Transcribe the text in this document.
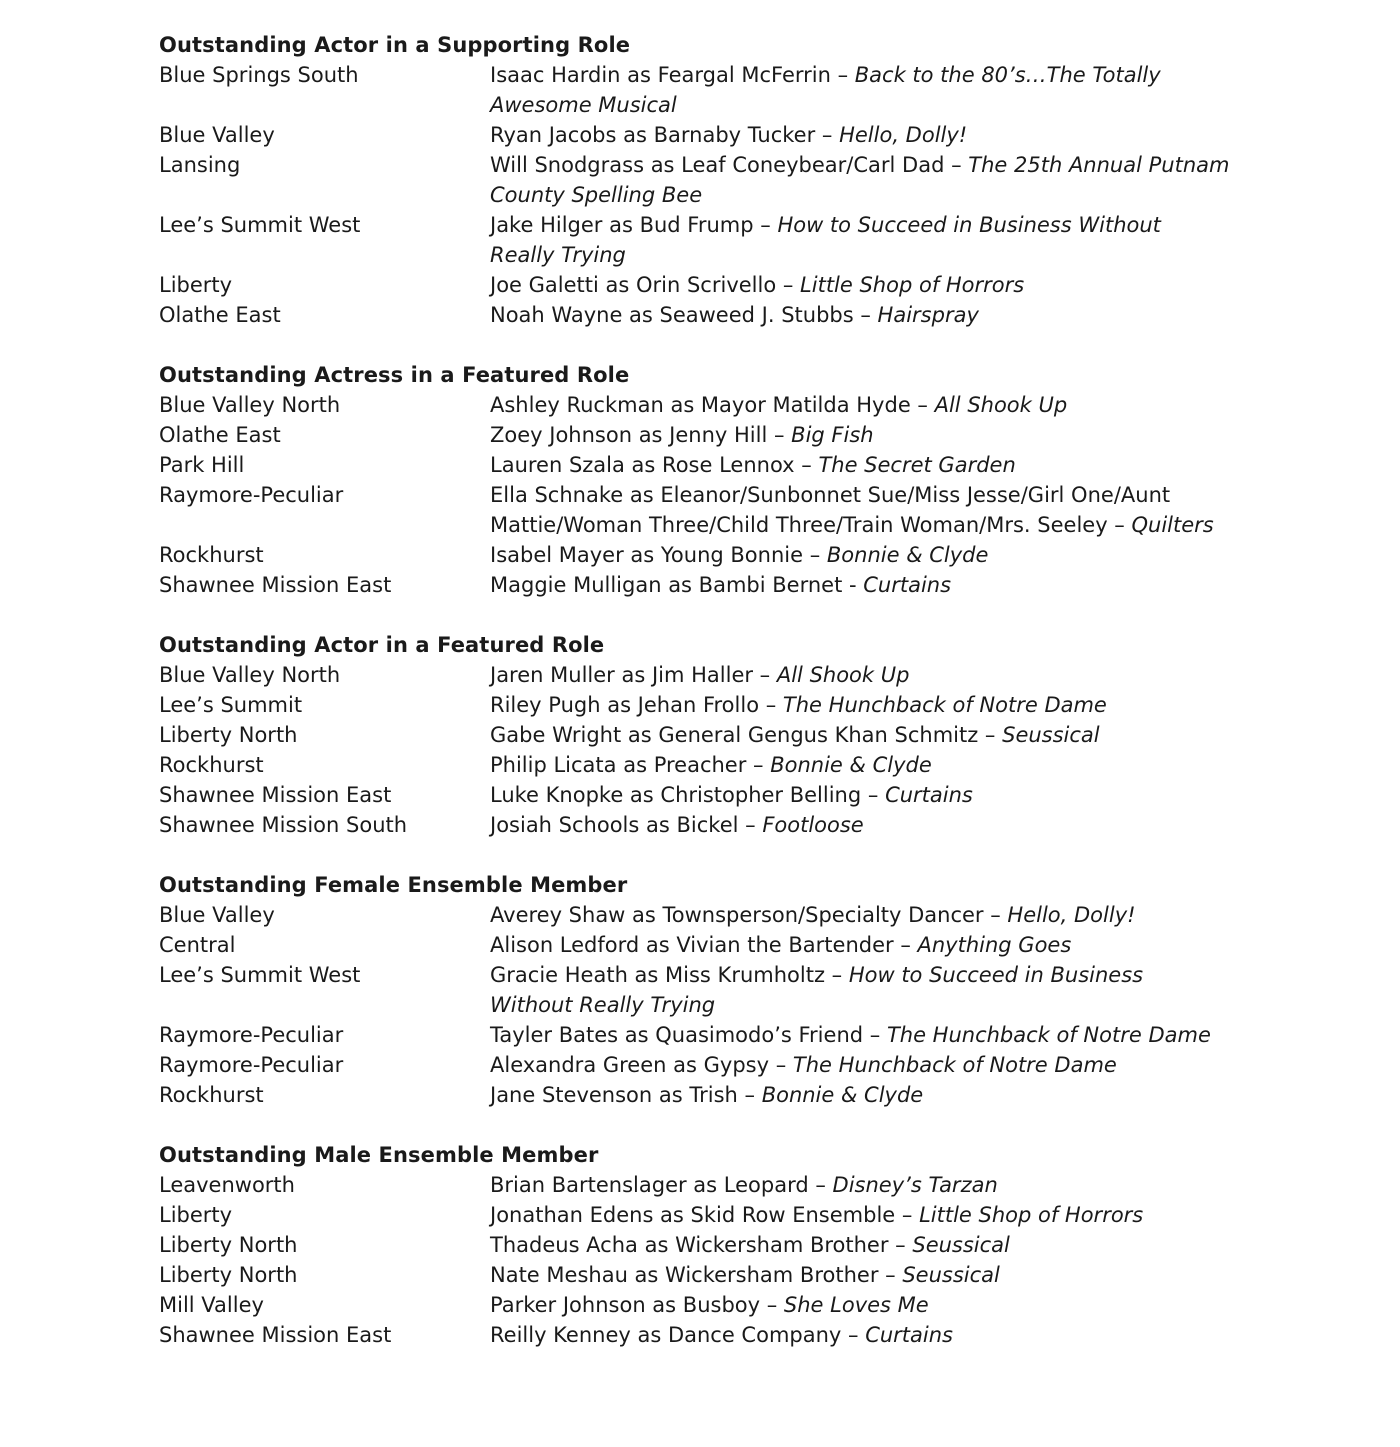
Outstanding Actor in a Supporting Role
Blue Springs South	Isaac Hardin as Feargal McFerrin – Back to the 80’s…The Totally Awesome Musical
Blue Valley	Ryan Jacobs as Barnaby Tucker – Hello, Dolly!
Lansing	Will Snodgrass as Leaf Coneybear/Carl Dad – The 25th Annual Putnam County Spelling Bee
Lee’s Summit West	Jake Hilger as Bud Frump – How to Succeed in Business Without Really Trying
Liberty	Joe Galetti as Orin Scrivello – Little Shop of Horrors
Olathe East	Noah Wayne as Seaweed J. Stubbs – Hairspray
Outstanding Actress in a Featured Role
Blue Valley North	Ashley Ruckman as Mayor Matilda Hyde – All Shook Up
Olathe East	Zoey Johnson as Jenny Hill – Big Fish
Park Hill	Lauren Szala as Rose Lennox – The Secret Garden
Raymore-Peculiar	Ella Schnake as Eleanor/Sunbonnet Sue/Miss Jesse/Girl One/Aunt Mattie/Woman Three/Child Three/Train Woman/Mrs. Seeley – Quilters
Rockhurst	Isabel Mayer as Young Bonnie – Bonnie & Clyde
Shawnee Mission East	Maggie Mulligan as Bambi Bernet - Curtains
Outstanding Actor in a Featured Role
Blue Valley North	Jaren Muller as Jim Haller – All Shook Up
Lee’s Summit	Riley Pugh as Jehan Frollo – The Hunchback of Notre Dame
Liberty North	Gabe Wright as General Gengus Khan Schmitz – Seussical
Rockhurst	Philip Licata as Preacher – Bonnie & Clyde
Shawnee Mission East	Luke Knopke as Christopher Belling – Curtains
Shawnee Mission South	Josiah Schools as Bickel – Footloose
Outstanding Female Ensemble Member
Blue Valley	Averey Shaw as Townsperson/Specialty Dancer – Hello, Dolly!
Central	Alison Ledford as Vivian the Bartender – Anything Goes
Lee’s Summit West	Gracie Heath as Miss Krumholtz – How to Succeed in Business Without Really Trying
Raymore-Peculiar	Tayler Bates as Quasimodo’s Friend – The Hunchback of Notre Dame
Raymore-Peculiar	Alexandra Green as Gypsy – The Hunchback of Notre Dame
Rockhurst	Jane Stevenson as Trish – Bonnie & Clyde
Outstanding Male Ensemble Member
Leavenworth	Brian Bartenslager as Leopard – Disney’s Tarzan
Liberty	Jonathan Edens as Skid Row Ensemble – Little Shop of Horrors
Liberty North	Thadeus Acha as Wickersham Brother – Seussical
Liberty North	Nate Meshau as Wickersham Brother – Seussical
Mill Valley	Parker Johnson as Busboy – She Loves Me
Shawnee Mission East	Reilly Kenney as Dance Company – Curtains
